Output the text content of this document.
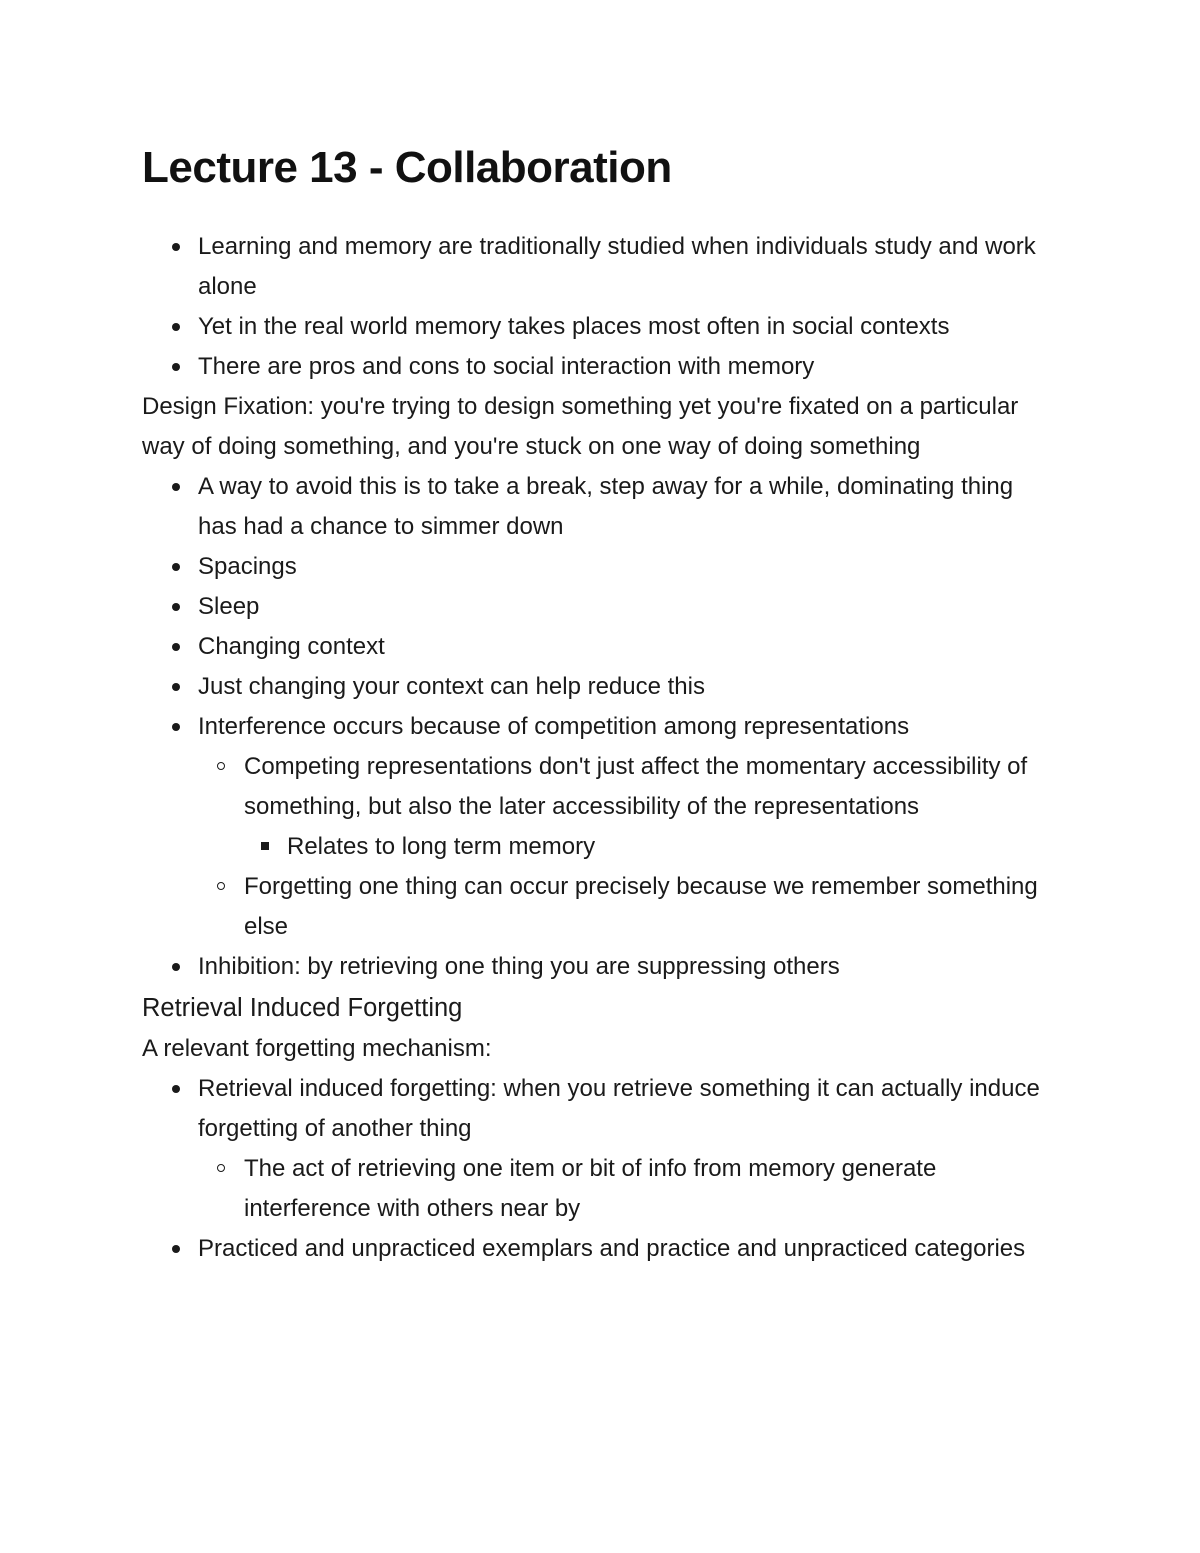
Lecture 13 - Collaboration
Learning and memory are traditionally studied when individuals study and work alone
Yet in the real world memory takes places most often in social contexts
There are pros and cons to social interaction with memory

Design Fixation: you're trying to design something yet you're fixated on a particular way of doing something, and you're stuck on one way of doing something

A way to avoid this is to take a break, step away for a while, dominating thing has had a chance to simmer down
Spacings
Sleep
Changing context
Just changing your context can help reduce this
Interference occurs because of competition among representations
Competing representations don't just affect the momentary accessibility of something, but also the later accessibility of the representations
Relates to long term memory
Forgetting one thing can occur precisely because we remember something else
Inhibition: by retrieving one thing you are suppressing others

Retrieval Induced Forgetting

A relevant forgetting mechanism:

Retrieval induced forgetting: when you retrieve something it can actually induce forgetting of another thing
The act of retrieving one item or bit of info from memory generate interference with others near by
Practiced and unpracticed exemplars and practice and unpracticed categories
